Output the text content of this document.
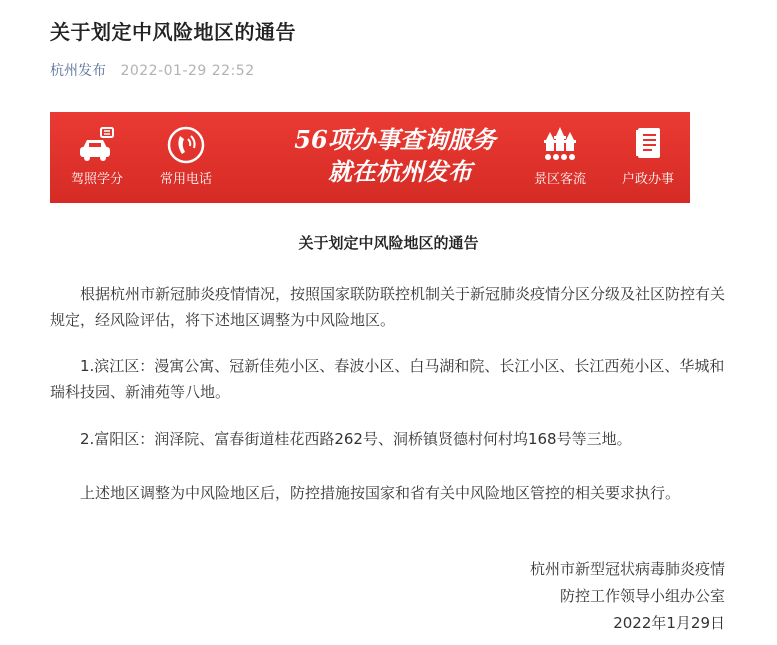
关于划定中风险地区的通告
杭州发布 2022-01-29 22:52
驾照学分	常用电话
56项办事查询服务
就在杭州发布	景区客流	户政办事
关于划定中风险地区的通告

根据杭州市新冠肺炎疫情情况，按照国家联防联控机制关于新冠肺炎疫情分区分级及社区防控有关规定，经风险评估，将下述地区调整为中风险地区。

1.滨江区：漫寓公寓、冠新佳苑小区、春波小区、白马湖和院、长江小区、长江西苑小区、华城和瑞科技园、新浦苑等八地。

2.富阳区：润泽院、富春街道桂花西路262号、洞桥镇贤德村何村坞168号等三地。

上述地区调整为中风险地区后，防控措施按国家和省有关中风险地区管控的相关要求执行。

杭州市新型冠状病毒肺炎疫情
防控工作领导小组办公室
2022年1月29日
